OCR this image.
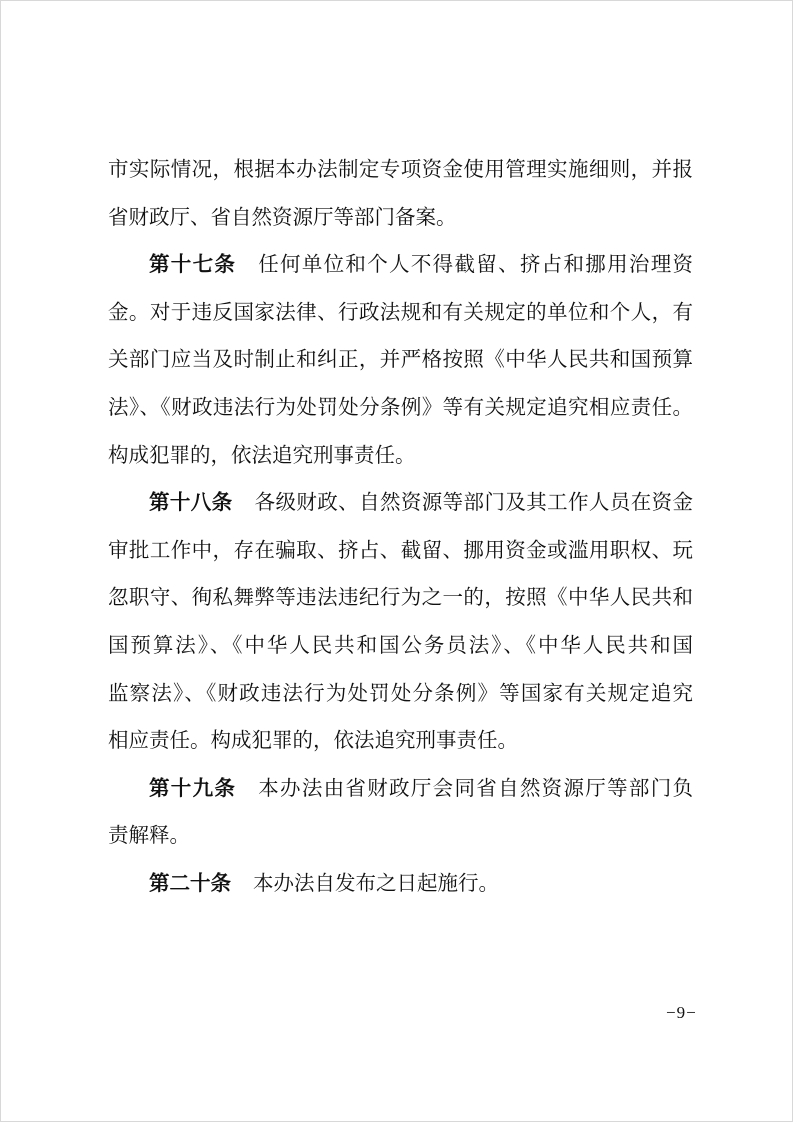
市实际情况，根据本办法制定专项资金使用管理实施细则，并报
省财政厅、省自然资源厅等部门备案。
第十七条 任何单位和个人不得截留、挤占和挪用治理资
金。对于违反国家法律、行政法规和有关规定的单位和个人，有
关部门应当及时制止和纠正，并严格按照《中华人民共和国预算
法》、《财政违法行为处罚处分条例》等有关规定追究相应责任。
构成犯罪的，依法追究刑事责任。
第十八条 各级财政、自然资源等部门及其工作人员在资金
审批工作中，存在骗取、挤占、截留、挪用资金或滥用职权、玩
忽职守、徇私舞弊等违法违纪行为之一的，按照《中华人民共和
国预算法》、《中华人民共和国公务员法》、《中华人民共和国
监察法》、《财政违法行为处罚处分条例》等国家有关规定追究
相应责任。构成犯罪的，依法追究刑事责任。
第十九条 本办法由省财政厅会同省自然资源厅等部门负
责解释。
第二十条 本办法自发布之日起施行。
−9−
